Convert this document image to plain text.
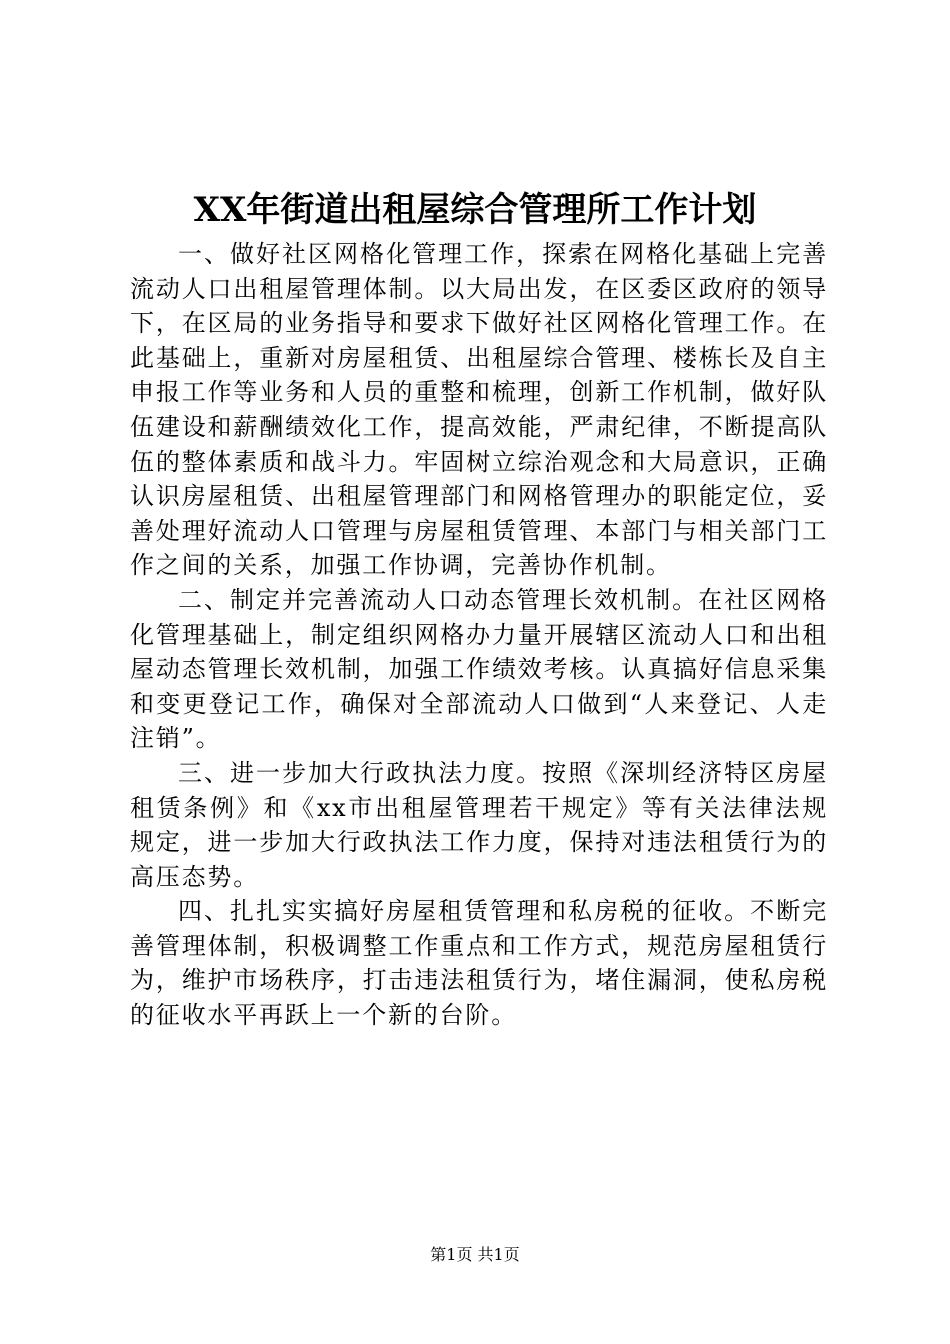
XX年街道出租屋综合管理所工作计划

一、做好社区网格化管理工作，探索在网格化基础上完善流动人口出租屋管理体制。以大局出发，在区委区政府的领导下，在区局的业务指导和要求下做好社区网格化管理工作。在此基础上，重新对房屋租赁、出租屋综合管理、楼栋长及自主申报工作等业务和人员的重整和梳理，创新工作机制，做好队伍建设和薪酬绩效化工作，提高效能，严肃纪律，不断提高队伍的整体素质和战斗力。牢固树立综治观念和大局意识，正确认识房屋租赁、出租屋管理部门和网格管理办的职能定位，妥善处理好流动人口管理与房屋租赁管理、本部门与相关部门工作之间的关系，加强工作协调，完善协作机制。

二、制定并完善流动人口动态管理长效机制。在社区网格化管理基础上，制定组织网格办力量开展辖区流动人口和出租屋动态管理长效机制，加强工作绩效考核。认真搞好信息采集和变更登记工作，确保对全部流动人口做到“人来登记、人走注销”。

三、进一步加大行政执法力度。按照《深圳经济特区房屋租赁条例》和《xx市出租屋管理若干规定》等有关法律法规规定，进一步加大行政执法工作力度，保持对违法租赁行为的高压态势。

四、扎扎实实搞好房屋租赁管理和私房税的征收。不断完善管理体制，积极调整工作重点和工作方式，规范房屋租赁行为，维护市场秩序，打击违法租赁行为，堵住漏洞，使私房税的征收水平再跃上一个新的台阶。

第1页 共1页
